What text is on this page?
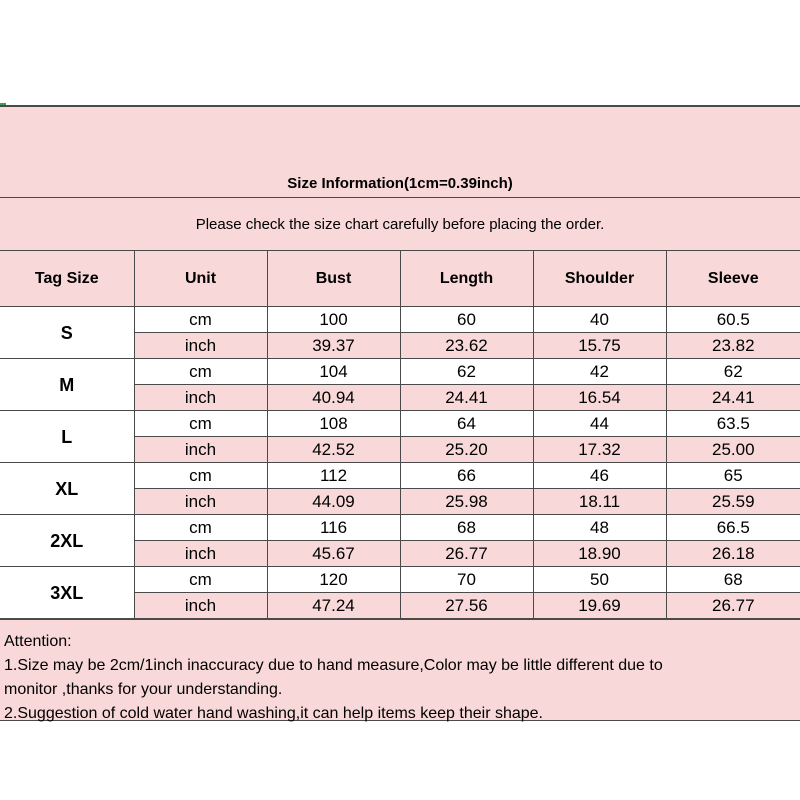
Size Information(1cm=0.39inch)					
Please check the size chart carefully before placing the order.					
Tag Size	Unit	Bust	Length	Shoulder	Sleeve
S	cm	100	60	40	60.5
	inch	39.37	23.62	15.75	23.82
M	cm	104	62	42	62
	inch	40.94	24.41	16.54	24.41
L	cm	108	64	44	63.5
	inch	42.52	25.20	17.32	25.00
XL	cm	112	66	46	65
	inch	44.09	25.98	18.11	25.59
2XL	cm	116	68	48	66.5
	inch	45.67	26.77	18.90	26.18
3XL	cm	120	70	50	68
	inch	47.24	27.56	19.69	26.77
Attention:
1.Size may be 2cm/1inch inaccuracy due to hand measure,Color may be little different due to
monitor ,thanks for your understanding.
2.Suggestion of cold water hand washing,it can help items keep their shape.
